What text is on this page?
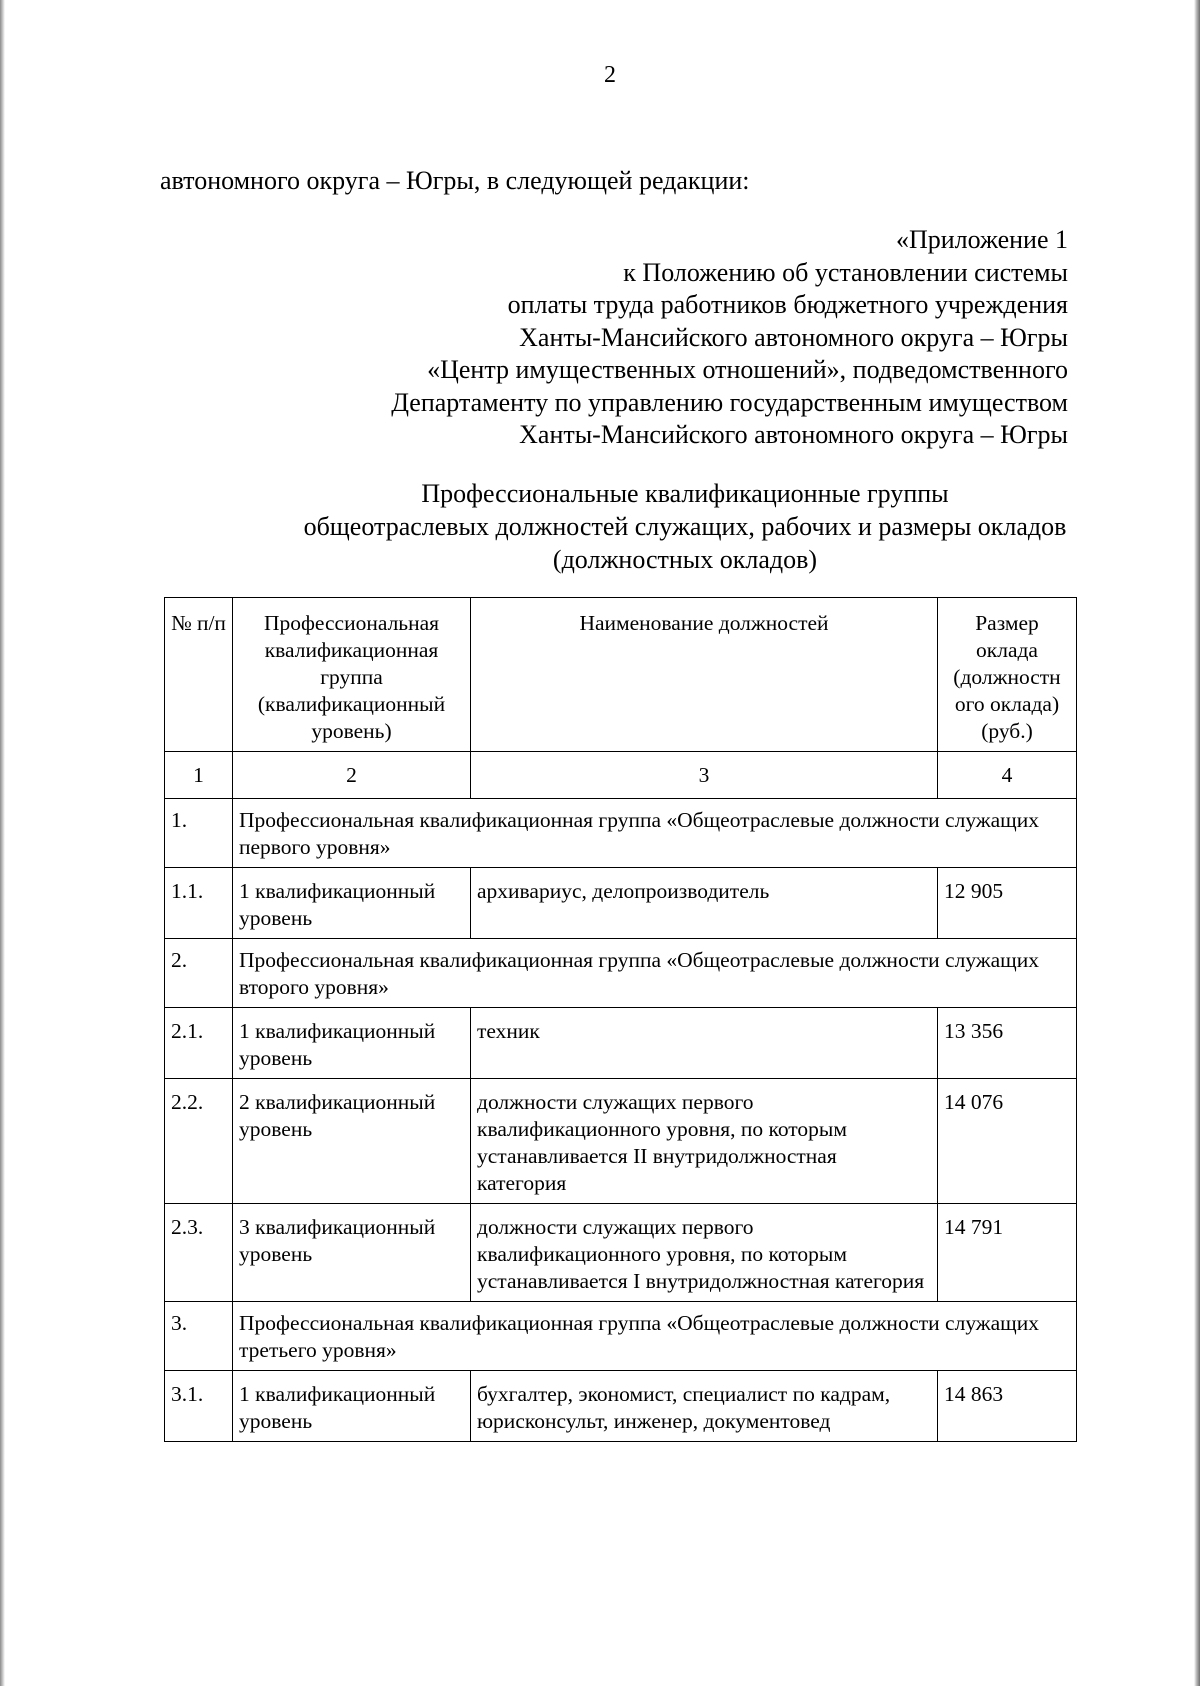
2
автономного округа – Югры, в следующей редакции:
«Приложение 1
к Положению об установлении системы
оплаты труда работников бюджетного учреждения
Ханты-Мансийского автономного округа – Югры
«Центр имущественных отношений», подведомственного
Департаменту по управлению государственным имуществом
Ханты-Мансийского автономного округа – Югры
Профессиональные квалификационные группы
общеотраслевых должностей служащих, рабочих и размеры окладов
(должностных окладов)
№ п/п	Профессиональная квалификационная группа (квалификационный уровень)	Наименование должностей	Размер оклада (должностн ого оклада) (руб.)
1	2	3	4
1.	Профессиональная квалификационная группа «Общеотраслевые должности служащих первого уровня»		
1.1.	1 квалификационный уровень	архивариус, делопроизводитель	12 905
2.	Профессиональная квалификационная группа «Общеотраслевые должности служащих второго уровня»		
2.1.	1 квалификационный уровень	техник	13 356
2.2.	2 квалификационный уровень	должности служащих первого квалификационного уровня, по которым устанавливается II внутридолжностная категория	14 076
2.3.	3 квалификационный уровень	должности служащих первого квалификационного уровня, по которым устанавливается I внутридолжностная категория	14 791
3.	Профессиональная квалификационная группа «Общеотраслевые должности служащих третьего уровня»		
3.1.	1 квалификационный уровень	бухгалтер, экономист, специалист по кадрам, юрисконсульт, инженер, документовед	14 863
